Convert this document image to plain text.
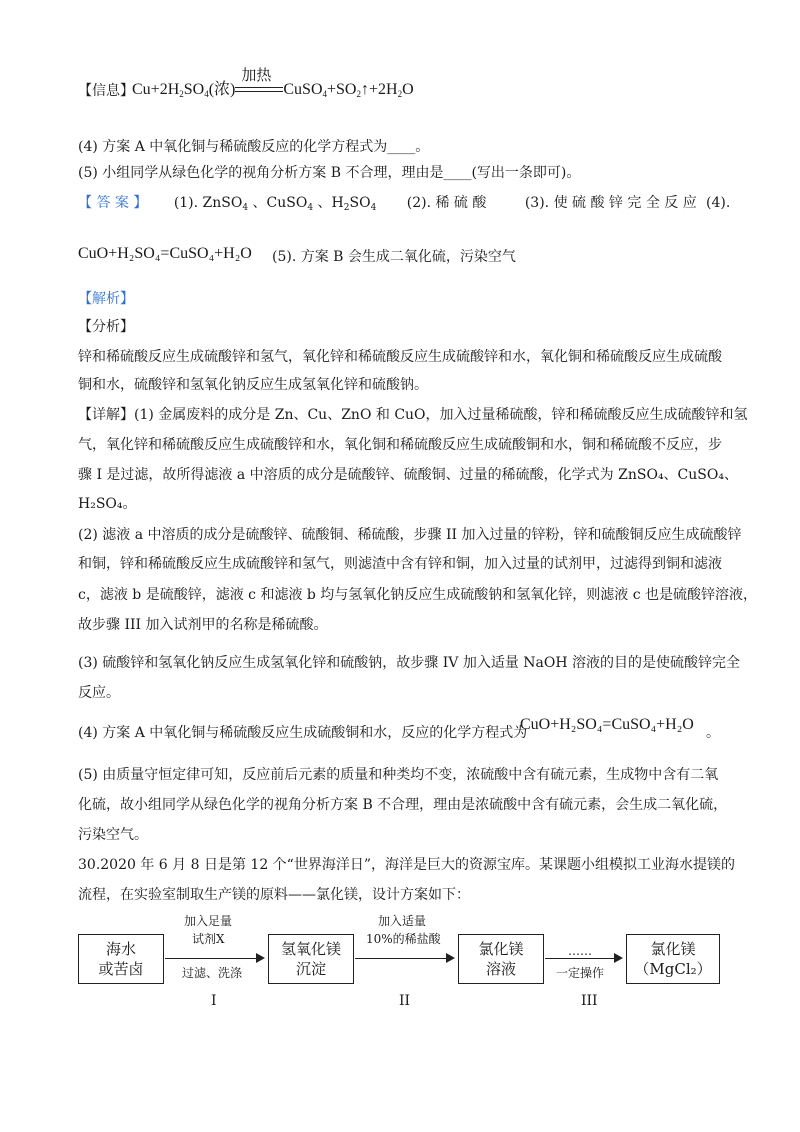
【信息】
$Cu+2H_2SO_4$(浓)
加热
$CuSO_4+SO_2↑+2H_2O$
(4) 方案 A 中氧化铜与稀硫酸反应的化学方程式为____。
(5) 小组同学从绿色化学的视角分析方案 B 不合理，理由是____(写出一条即可)。
【 答 案 】 (1). ZnSO$_4$ 、CuSO$_4$ 、$H_2SO_4$ (2). 稀 硫 酸	(3). 使 硫 酸 锌 完 全 反 应 (4).
CuO+H₂SO₄=CuSO₄+H₂O (5). 方案 B 会生成二氧化硫，污染空气
【解析】
【分析】
锌和稀硫酸反应生成硫酸锌和氢气，氧化锌和稀硫酸反应生成硫酸锌和水，氧化铜和稀硫酸反应生成硫酸
铜和水，硫酸锌和氢氧化钠反应生成氢氧化锌和硫酸钠。
【详解】(1) 金属废料的成分是 Zn、Cu、ZnO 和 CuO，加入过量稀硫酸，锌和稀硫酸反应生成硫酸锌和氢
气，氧化锌和稀硫酸反应生成硫酸锌和水，氧化铜和稀硫酸反应生成硫酸铜和水，铜和稀硫酸不反应，步
骤 I 是过滤，故所得滤液 a 中溶质的成分是硫酸锌、硫酸铜、过量的稀硫酸，化学式为 ZnSO₄、CuSO₄、
H₂SO₄。
(2) 滤液 a 中溶质的成分是硫酸锌、硫酸铜、稀硫酸，步骤 II 加入过量的锌粉，锌和硫酸铜反应生成硫酸锌
和铜，锌和稀硫酸反应生成硫酸锌和氢气，则滤渣中含有锌和铜，加入过量的试剂甲，过滤得到铜和滤液
c，滤液 b 是硫酸锌，滤液 c 和滤液 b 均与氢氧化钠反应生成硫酸钠和氢氧化锌，则滤液 c 也是硫酸锌溶液，
故步骤 III 加入试剂甲的名称是稀硫酸。
(3) 硫酸锌和氢氧化钠反应生成氢氧化锌和硫酸钠，故步骤 IV 加入适量 NaOH 溶液的目的是使硫酸锌完全
反应。
(4) 方案 A 中氧化铜与稀硫酸反应生成硫酸铜和水，反应的化学方程式为
CuO+H₂SO₄=CuSO₄+H₂O 。
(5) 由质量守恒定律可知，反应前后元素的质量和种类均不变，浓硫酸中含有硫元素，生成物中含有二氧
化硫，故小组同学从绿色化学的视角分析方案 B 不合理，理由是浓硫酸中含有硫元素，会生成二氧化硫，
污染空气。
30.2020 年 6 月 8 日是第 12 个“世界海洋日”，海洋是巨大的资源宝库。某课题小组模拟工业海水提镁的
流程，在实验室制取生产镁的原料——氯化镁，设计方案如下：
海水
或苦卤
氢氧化镁
沉淀
氯化镁
溶液
氯化镁
（MgCl₂）
加入足量
试剂X
过滤、洗涤
加入适量
10%的稀盐酸
……
一定操作
I	II	III
